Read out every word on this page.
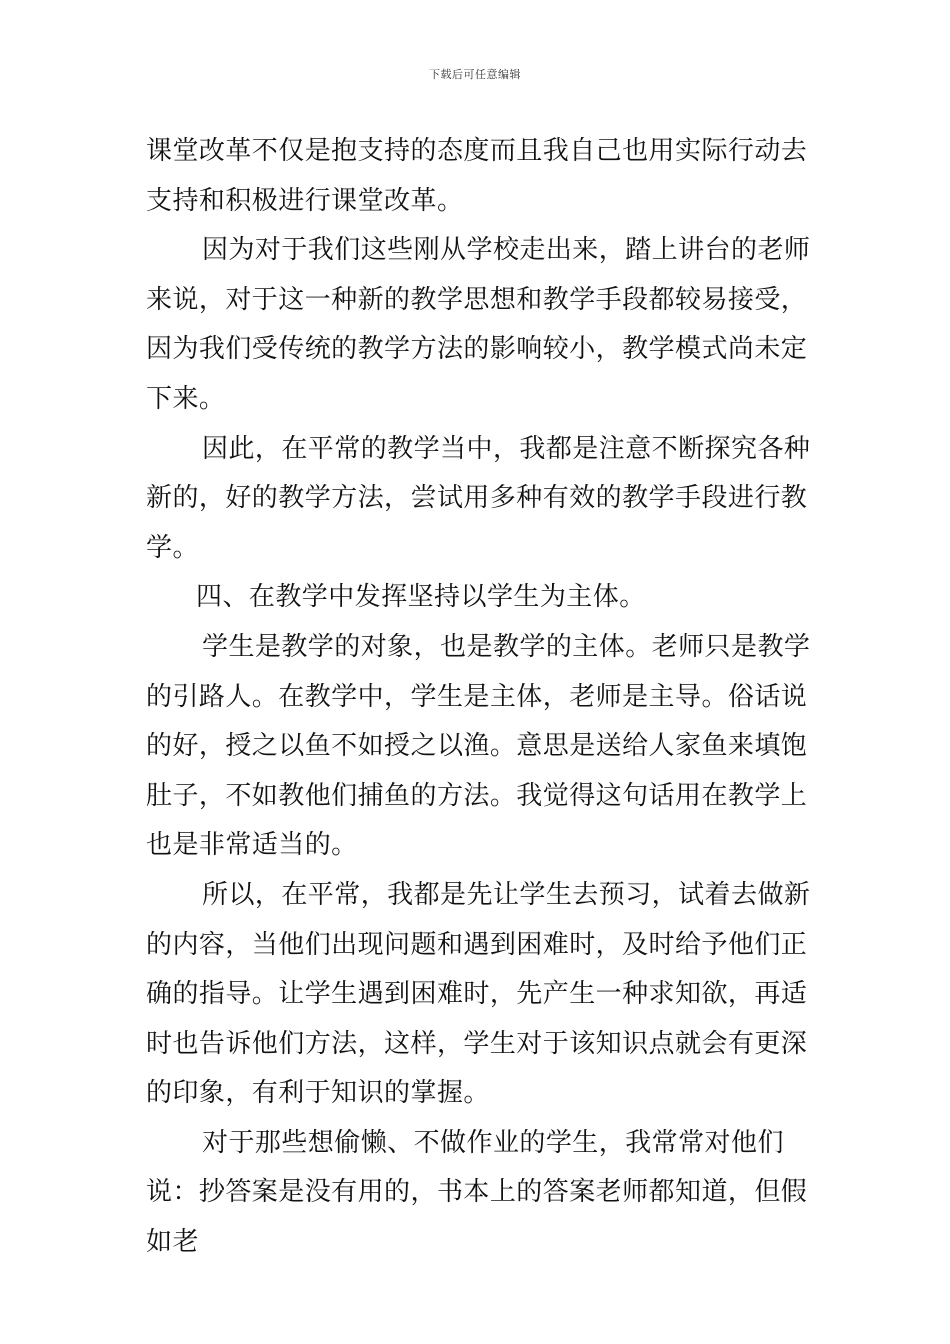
下载后可任意编辑

课堂改革不仅是抱支持的态度而且我自己也用实际行动去支持和积极进行课堂改革。

因为对于我们这些刚从学校走出来，踏上讲台的老师来说，对于这一种新的教学思想和教学手段都较易接受，因为我们受传统的教学方法的影响较小，教学模式尚未定下来。

因此，在平常的教学当中，我都是注意不断探究各种新的，好的教学方法，尝试用多种有效的教学手段进行教学。

四、在教学中发挥坚持以学生为主体。

学生是教学的对象，也是教学的主体。老师只是教学的引路人。在教学中，学生是主体，老师是主导。俗话说的好，授之以鱼不如授之以渔。意思是送给人家鱼来填饱肚子，不如教他们捕鱼的方法。我觉得这句话用在教学上也是非常适当的。

所以，在平常，我都是先让学生去预习，试着去做新的内容，当他们出现问题和遇到困难时，及时给予他们正确的指导。让学生遇到困难时，先产生一种求知欲，再适时也告诉他们方法，这样，学生对于该知识点就会有更深的印象，有利于知识的掌握。

对于那些想偷懒、不做作业的学生，我常常对他们说：抄答案是没有用的，书本上的答案老师都知道，但假如老
